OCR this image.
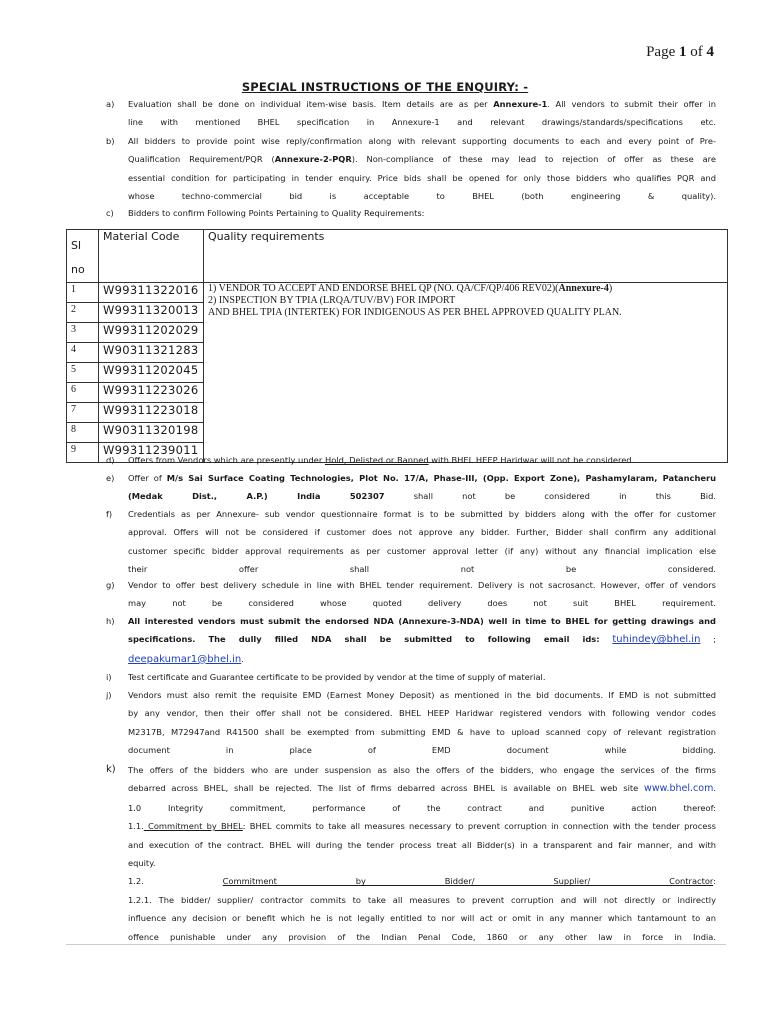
Page 1 of 4
SPECIAL INSTRUCTIONS OF THE ENQUIRY: -
a) Evaluation shall be done on individual item-wise basis. Item details are as per Annexure-1. All vendors to submit their offer in
line with mentioned BHEL specification in Annexure-1 and relevant drawings/standards/specifications etc.
b) All bidders to provide point wise reply/confirmation along with relevant supporting documents to each and every point of Pre-
Qualification Requirement/PQR (Annexure-2-PQR). Non-compliance of these may lead to rejection of offer as these are
essential condition for participating in tender enquiry. Price bids shall be opened for only those bidders who qualifies PQR and
whose techno-commercial bid is acceptable to BHEL (both engineering & quality).
c) Bidders to confirm Following Points Pertaining to Quality Requirements:
Sl
no	Material Code	Quality requirements
1	W99311322016	1) VENDOR TO ACCEPT AND ENDORSE BHEL QP (NO. QA/CF/QP/406 REV02)(Annexure-4)
2) INSPECTION BY TPIA (LRQA/TUV/BV) FOR IMPORT
AND BHEL TPIA (INTERTEK) FOR INDIGENOUS AS PER BHEL APPROVED QUALITY PLAN.
2	W99311320013	
3	W99311202029	
4	W90311321283	
5	W99311202045	
6	W99311223026	
7	W99311223018	
8	W90311320198	
9	W99311239011	
d) Offers from Vendors which are presently under Hold, Delisted or Banned with BHEL HEEP Haridwar will not be considered.
e) Offer of M/s Sai Surface Coating Technologies, Plot No. 17/A, Phase-III, (Opp. Export Zone), Pashamylaram, Patancheru
(Medak Dist., A.P.) India 502307 shall not be considered in this Bid.
f) Credentials as per Annexure- sub vendor questionnaire format is to be submitted by bidders along with the offer for customer
approval. Offers will not be considered if customer does not approve any bidder. Further, Bidder shall confirm any additional
customer specific bidder approval requirements as per customer approval letter (if any) without any financial implication else
their offer shall not be considered.
g) Vendor to offer best delivery schedule in line with BHEL tender requirement. Delivery is not sacrosanct. However, offer of vendors
may not be considered whose quoted delivery does not suit BHEL requirement.
h) All interested vendors must submit the endorsed NDA (Annexure-3-NDA) well in time to BHEL for getting drawings and
specifications. The dully filled NDA shall be submitted to following email ids: tuhindey@bhel.in ;
deepakumar1@bhel.in.
i) Test certificate and Guarantee certificate to be provided by vendor at the time of supply of material.
j) Vendors must also remit the requisite EMD (Earnest Money Deposit) as mentioned in the bid documents. If EMD is not submitted
by any vendor, then their offer shall not be considered. BHEL HEEP Haridwar registered vendors with following vendor codes
M2317B, M72947and R41500 shall be exempted from submitting EMD & have to upload scanned copy of relevant registration
document in place of EMD document while bidding.
k) The offers of the bidders who are under suspension as also the offers of the bidders, who engage the services of the firms
debarred across BHEL, shall be rejected. The list of firms debarred across BHEL is available on BHEL web site www.bhel.com.
1.0 Integrity commitment, performance of the contract and punitive action thereof:
1.1. Commitment by BHEL: BHEL commits to take all measures necessary to prevent corruption in connection with the tender process
and execution of the contract. BHEL will during the tender process treat all Bidder(s) in a transparent and fair manner, and with
equity.
1.2. Commitment by Bidder/ Supplier/ Contractor:
1.2.1. The bidder/ supplier/ contractor commits to take all measures to prevent corruption and will not directly or indirectly
influence any decision or benefit which he is not legally entitled to nor will act or omit in any manner which tantamount to an
offence punishable under any provision of the Indian Penal Code, 1860 or any other law in force in India.
